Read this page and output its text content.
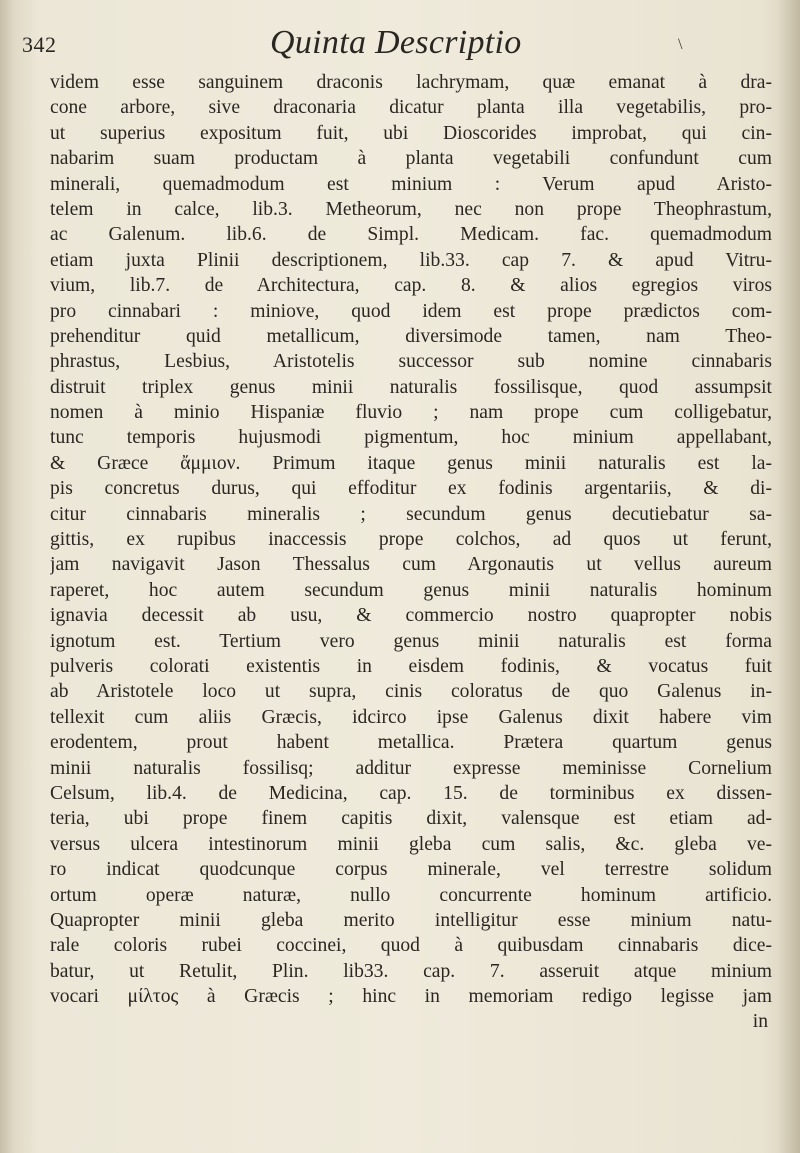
342	Quinta Descriptio	\
videm esse sanguinem draconis lachrymam, quæ emanat à dra-
cone arbore, sive draconaria dicatur planta illa vegetabilis, pro-
ut superius expositum fuit, ubi Dioscorides improbat, qui cin-
nabarim suam productam à planta vegetabili confundunt cum
minerali, quemadmodum est minium : Verum apud Aristo-
telem in calce, lib.3. Metheorum, nec non prope Theophrastum,
ac Galenum. lib.6. de Simpl. Medicam. fac. quemadmodum
etiam juxta Plinii descriptionem, lib.33. cap 7. & apud Vitru-
vium, lib.7. de Architectura, cap. 8. & alios egregios viros
pro cinnabari : miniove, quod idem est prope prædictos com-
prehenditur quid metallicum, diversimode tamen, nam Theo-
phrastus, Lesbius, Aristotelis successor sub nomine cinnabaris
distruit triplex genus minii naturalis fossilisque, quod assumpsit
nomen à minio Hispaniæ fluvio ; nam prope cum colligebatur,
tunc temporis hujusmodi pigmentum, hoc minium appellabant,
& Græce ἄμμιον. Primum itaque genus minii naturalis est la-
pis concretus durus, qui effoditur ex fodinis argentariis, & di-
citur cinnabaris mineralis ; secundum genus decutiebatur sa-
gittis, ex rupibus inaccessis prope colchos, ad quos ut ferunt,
jam navigavit Jason Thessalus cum Argonautis ut vellus aureum
raperet, hoc autem secundum genus minii naturalis hominum
ignavia decessit ab usu, & commercio nostro quapropter nobis
ignotum est. Tertium vero genus minii naturalis est forma
pulveris colorati existentis in eisdem fodinis, & vocatus fuit
ab Aristotele loco ut supra, cinis coloratus de quo Galenus in-
tellexit cum aliis Græcis, idcirco ipse Galenus dixit habere vim
erodentem, prout habent metallica. Prætera quartum genus
minii naturalis fossilisq; additur expresse meminisse Cornelium
Celsum, lib.4. de Medicina, cap. 15. de torminibus ex dissen-
teria, ubi prope finem capitis dixit, valensque est etiam ad-
versus ulcera intestinorum minii gleba cum salis, &c. gleba ve-
ro indicat quodcunque corpus minerale, vel terrestre solidum
ortum operæ naturæ, nullo concurrente hominum artificio.
Quapropter minii gleba merito intelligitur esse minium natu-
rale coloris rubei coccinei, quod à quibusdam cinnabaris dice-
batur, ut Retulit, Plin. lib33. cap. 7. asseruit atque minium
vocari μίλτος à Græcis ; hinc in memoriam redigo legisse jam
in
